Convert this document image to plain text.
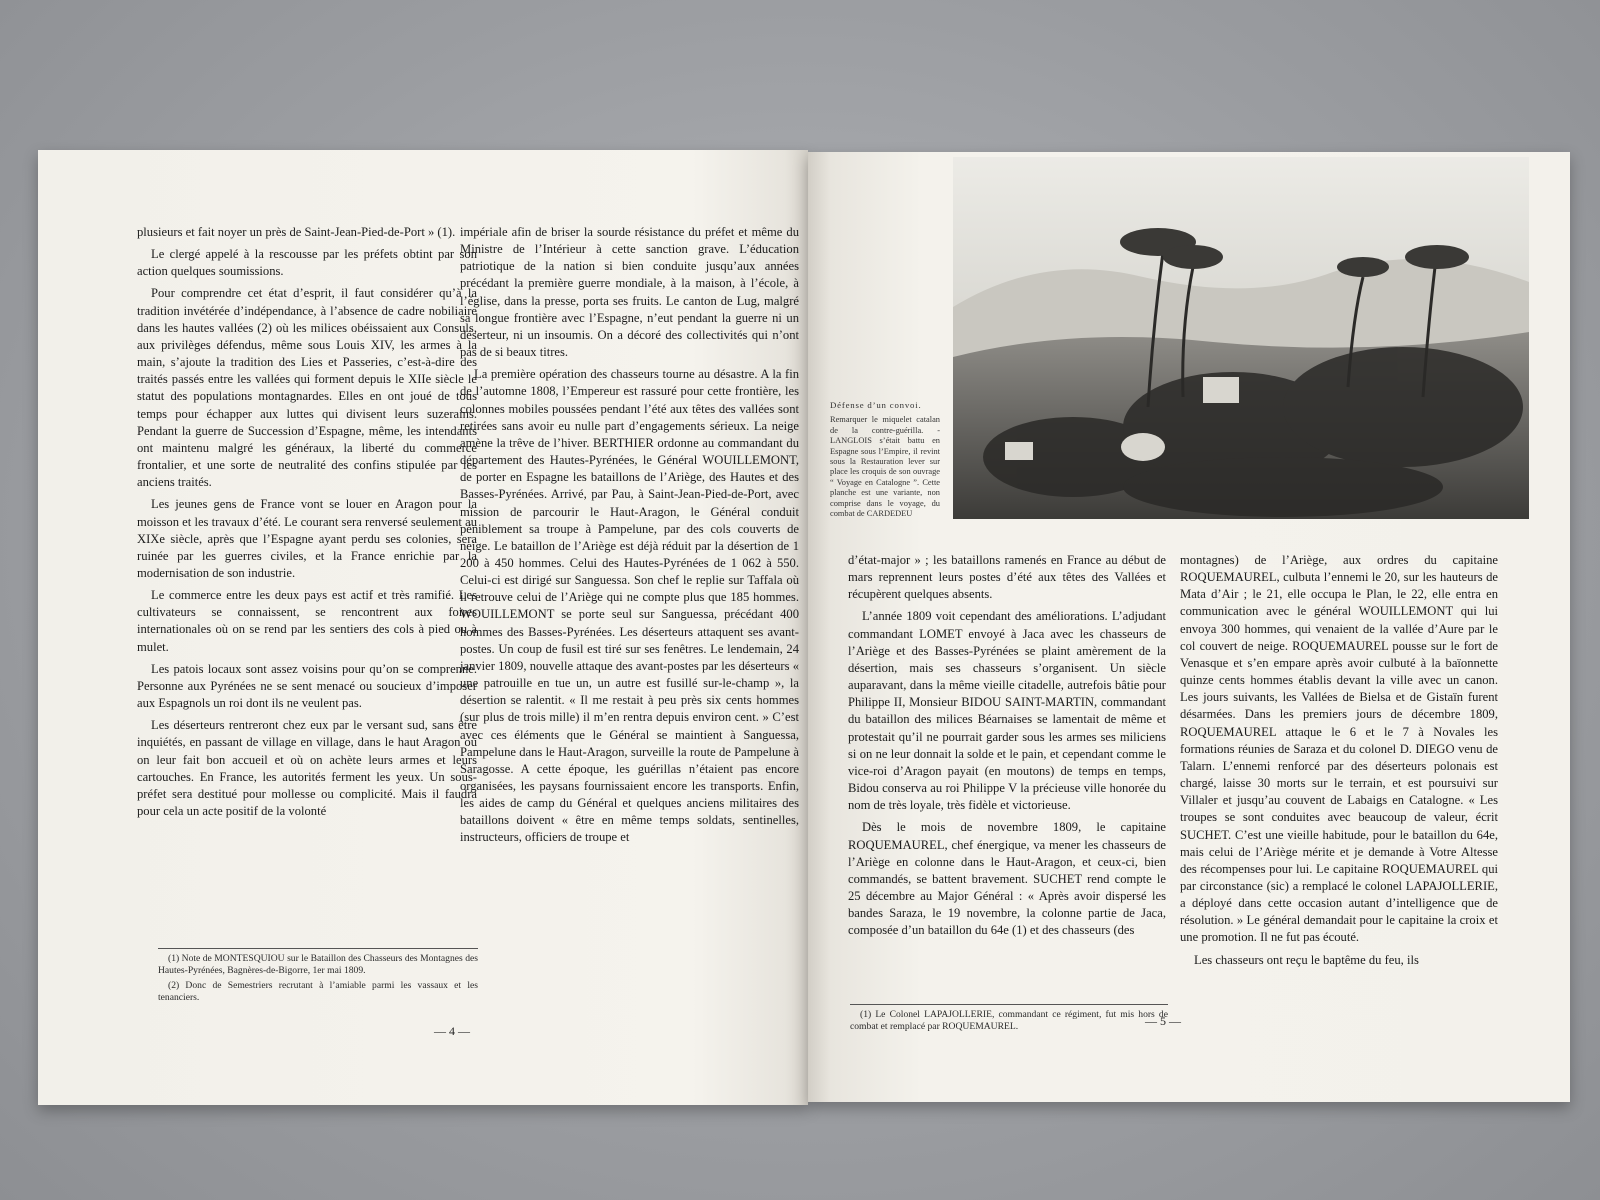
plusieurs et fait noyer un près de Saint-Jean-Pied-de-Port » (1).

Le clergé appelé à la rescousse par les préfets obtint par son action quelques soumissions.

Pour comprendre cet état d’esprit, il faut considérer qu’à la tradition invétérée d’indépendance, à l’absence de cadre nobiliaire dans les hautes vallées (2) où les milices obéissaient aux Consuls, aux privilèges défendus, même sous Louis XIV, les armes à la main, s’ajoute la tradition des Lies et Passeries, c’est-à-dire des traités passés entre les vallées qui forment depuis le XIIe siècle le statut des populations montagnardes. Elles en ont joué de tous temps pour échapper aux luttes qui divisent leurs suzerains. Pendant la guerre de Succession d’Espagne, même, les intendants ont maintenu malgré les généraux, la liberté du commerce frontalier, et une sorte de neutralité des confins stipulée par les anciens traités.

Les jeunes gens de France vont se louer en Aragon pour la moisson et les travaux d’été. Le courant sera renversé seulement au XIXe siècle, après que l’Espagne ayant perdu ses colonies, sera ruinée par les guerres civiles, et la France enrichie par la modernisation de son industrie.

Le commerce entre les deux pays est actif et très ramifié. Les cultivateurs se connaissent, se rencontrent aux foires internationales où on se rend par les sentiers des cols à pied ou à mulet.

Les patois locaux sont assez voisins pour qu’on se comprenne. Personne aux Pyrénées ne se sent menacé ou soucieux d’imposer aux Espagnols un roi dont ils ne veulent pas.

Les déserteurs rentreront chez eux par le versant sud, sans être inquiétés, en passant de village en village, dans le haut Aragon où on leur fait bon accueil et où on achète leurs armes et leurs cartouches. En France, les autorités ferment les yeux. Un sous-préfet sera destitué pour mollesse ou complicité. Mais il faudra pour cela un acte positif de la volonté

impériale afin de briser la sourde résistance du préfet et même du Ministre de l’Intérieur à cette sanction grave. L’éducation patriotique de la nation si bien conduite jusqu’aux années précédant la première guerre mondiale, à la maison, à l’école, à l’église, dans la presse, porta ses fruits. Le canton de Lug, malgré sa longue frontière avec l’Espagne, n’eut pendant la guerre ni un déserteur, ni un insoumis. On a décoré des collectivités qui n’ont pas de si beaux titres.

La première opération des chasseurs tourne au désastre. A la fin de l’automne 1808, l’Empereur est rassuré pour cette frontière, les colonnes mobiles poussées pendant l’été aux têtes des vallées sont retirées sans avoir eu nulle part d’engagements sérieux. La neige amène la trêve de l’hiver. BERTHIER ordonne au commandant du département des Hautes-Pyrénées, le Général WOUILLEMONT, de porter en Espagne les bataillons de l’Ariège, des Hautes et des Basses-Pyrénées. Arrivé, par Pau, à Saint-Jean-Pied-de-Port, avec mission de parcourir le Haut-Aragon, le Général conduit péniblement sa troupe à Pampelune, par des cols couverts de neige. Le bataillon de l’Ariège est déjà réduit par la désertion de 1 200 à 450 hommes. Celui des Hautes-Pyrénées de 1 062 à 550. Celui-ci est dirigé sur Sanguessa. Son chef le replie sur Taffala où il retrouve celui de l’Ariège qui ne compte plus que 185 hommes. WOUILLEMONT se porte seul sur Sanguessa, précédant 400 hommes des Basses-Pyrénées. Les déserteurs attaquent ses avant-postes. Un coup de fusil est tiré sur ses fenêtres. Le lendemain, 24 janvier 1809, nouvelle attaque des avant-postes par les déserteurs « une patrouille en tue un, un autre est fusillé sur-le-champ », la désertion se ralentit. « Il me restait à peu près six cents hommes (sur plus de trois mille) il m’en rentra depuis environ cent. » C’est avec ces éléments que le Général se maintient à Sanguessa, Pampelune dans le Haut-Aragon, surveille la route de Pampelune à Saragosse. A cette époque, les guérillas n’étaient pas encore organisées, les paysans fournissaient encore les transports. Enfin, les aides de camp du Général et quelques anciens militaires des bataillons doivent « être en même temps soldats, sentinelles, instructeurs, officiers de troupe et

(1) Note de MONTESQUIOU sur le Bataillon des Chasseurs des Montagnes des Hautes-Pyrénées, Bagnères-de-Bigorre, 1er mai 1809.

(2) Donc de Semestriers recrutant à l’amiable parmi les vassaux et les tenanciers.

— 4 —
Défense d’un convoi.
Remarquer le miquelet catalan de la contre-guérilla. - LANGLOIS s’était battu en Espagne sous l’Empire, il revint sous la Restauration lever sur place les croquis de son ouvrage “ Voyage en Catalogne ”. Cette planche est une variante, non comprise dans le voyage, du combat de CARDEDEU

d’état-major » ; les bataillons ramenés en France au début de mars reprennent leurs postes d’été aux têtes des Vallées et récupèrent quelques absents.

L’année 1809 voit cependant des améliorations. L’adjudant commandant LOMET envoyé à Jaca avec les chasseurs de l’Ariège et des Basses-Pyrénées se plaint amèrement de la désertion, mais ses chasseurs s’organisent. Un siècle auparavant, dans la même vieille citadelle, autrefois bâtie pour Philippe II, Monsieur BIDOU SAINT-MARTIN, commandant du bataillon des milices Béarnaises se lamentait de même et protestait qu’il ne pourrait garder sous les armes ses miliciens si on ne leur donnait la solde et le pain, et cependant comme le vice-roi d’Aragon payait (en moutons) de temps en temps, Bidou conserva au roi Philippe V la précieuse ville honorée du nom de très loyale, très fidèle et victorieuse.

Dès le mois de novembre 1809, le capitaine ROQUEMAUREL, chef énergique, va mener les chasseurs de l’Ariège en colonne dans le Haut-Aragon, et ceux-ci, bien commandés, se battent bravement. SUCHET rend compte le 25 décembre au Major Général : « Après avoir dispersé les bandes Saraza, le 19 novembre, la colonne partie de Jaca, composée d’un bataillon du 64e (1) et des chasseurs (des

montagnes) de l’Ariège, aux ordres du capitaine ROQUEMAUREL, culbuta l’ennemi le 20, sur les hauteurs de Mata d’Air ; le 21, elle occupa le Plan, le 22, elle entra en communication avec le général WOUILLEMONT qui lui envoya 300 hommes, qui venaient de la vallée d’Aure par le col couvert de neige. ROQUEMAUREL pousse sur le fort de Venasque et s’en empare après avoir culbuté à la baïonnette quinze cents hommes établis devant la ville avec un canon. Les jours suivants, les Vallées de Bielsa et de Gistaïn furent désarmées. Dans les premiers jours de décembre 1809, ROQUEMAUREL attaque le 6 et le 7 à Novales les formations réunies de Saraza et du colonel D. DIEGO venu de Talarn. L’ennemi renforcé par des déserteurs polonais est chargé, laisse 30 morts sur le terrain, et est poursuivi sur Villaler et jusqu’au couvent de Labaigs en Catalogne. « Les troupes se sont conduites avec beaucoup de valeur, écrit SUCHET. C’est une vieille habitude, pour le bataillon du 64e, mais celui de l’Ariège mérite et je demande à Votre Altesse des récompenses pour lui. Le capitaine ROQUEMAUREL qui par circonstance (sic) a remplacé le colonel LAPAJOLLERIE, a déployé dans cette occasion autant d’intelligence que de résolution. » Le général demandait pour le capitaine la croix et une promotion. Il ne fut pas écouté.

Les chasseurs ont reçu le baptême du feu, ils

(1) Le Colonel LAPAJOLLERIE, commandant ce régiment, fut mis hors de combat et remplacé par ROQUEMAUREL.	— 5 —
